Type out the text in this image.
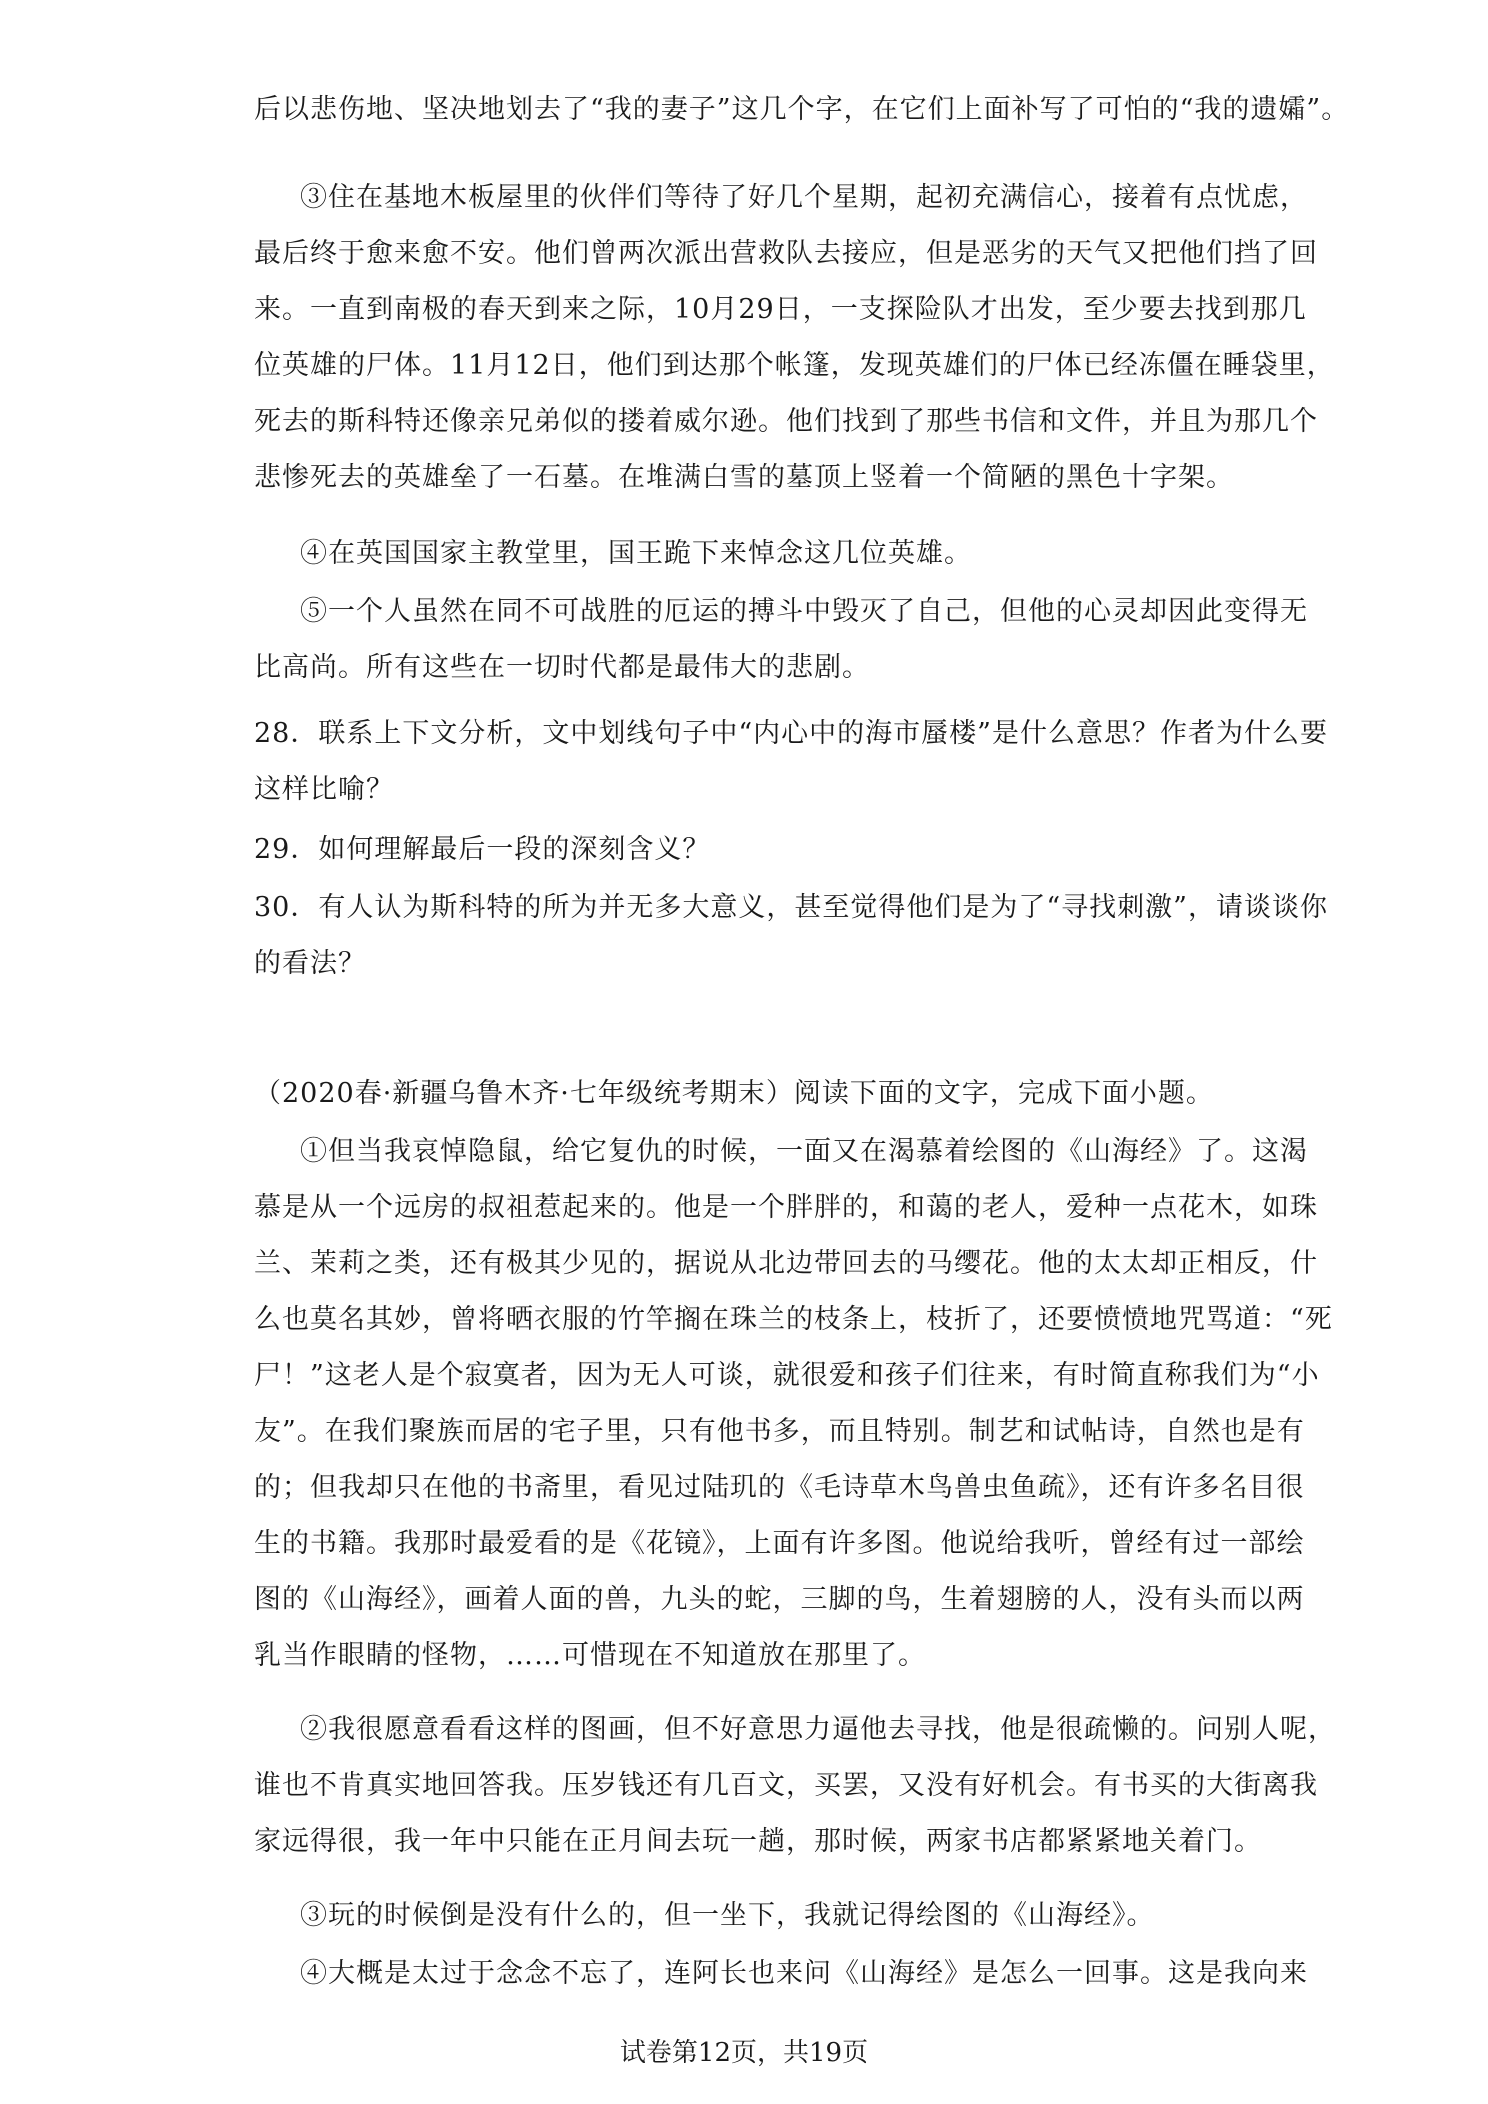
后以悲伤地、坚决地划去了“我的妻子”这几个字，在它们上面补写了可怕的“我的遗孀”。
③住在基地木板屋里的伙伴们等待了好几个星期，起初充满信心，接着有点忧虑，
最后终于愈来愈不安。他们曾两次派出营救队去接应，但是恶劣的天气又把他们挡了回
来。一直到南极的春天到来之际，10月29日，一支探险队才出发，至少要去找到那几
位英雄的尸体。11月12日，他们到达那个帐篷，发现英雄们的尸体已经冻僵在睡袋里，
死去的斯科特还像亲兄弟似的搂着威尔逊。他们找到了那些书信和文件，并且为那几个
悲惨死去的英雄垒了一石墓。在堆满白雪的墓顶上竖着一个简陋的黑色十字架。
④在英国国家主教堂里，国王跪下来悼念这几位英雄。
⑤一个人虽然在同不可战胜的厄运的搏斗中毁灭了自己，但他的心灵却因此变得无
比高尚。所有这些在一切时代都是最伟大的悲剧。
28．联系上下文分析，文中划线句子中“内心中的海市蜃楼”是什么意思？作者为什么要
这样比喻？
29．如何理解最后一段的深刻含义？
30．有人认为斯科特的所为并无多大意义，甚至觉得他们是为了“寻找刺激”，请谈谈你
的看法？
（2020春·新疆乌鲁木齐·七年级统考期末）阅读下面的文字，完成下面小题。
①但当我哀悼隐鼠，给它复仇的时候，一面又在渴慕着绘图的《山海经》了。这渴
慕是从一个远房的叔祖惹起来的。他是一个胖胖的，和蔼的老人，爱种一点花木，如珠
兰、茉莉之类，还有极其少见的，据说从北边带回去的马缨花。他的太太却正相反，什
么也莫名其妙，曾将晒衣服的竹竿搁在珠兰的枝条上，枝折了，还要愤愤地咒骂道：“死
尸！”这老人是个寂寞者，因为无人可谈，就很爱和孩子们往来，有时简直称我们为“小
友”。在我们聚族而居的宅子里，只有他书多，而且特别。制艺和试帖诗，自然也是有
的；但我却只在他的书斋里，看见过陆玑的《毛诗草木鸟兽虫鱼疏》，还有许多名目很
生的书籍。我那时最爱看的是《花镜》，上面有许多图。他说给我听，曾经有过一部绘
图的《山海经》，画着人面的兽，九头的蛇，三脚的鸟，生着翅膀的人，没有头而以两
乳当作眼睛的怪物，……可惜现在不知道放在那里了。
②我很愿意看看这样的图画，但不好意思力逼他去寻找，他是很疏懒的。问别人呢，
谁也不肯真实地回答我。压岁钱还有几百文，买罢，又没有好机会。有书买的大街离我
家远得很，我一年中只能在正月间去玩一趟，那时候，两家书店都紧紧地关着门。
③玩的时候倒是没有什么的，但一坐下，我就记得绘图的《山海经》。
④大概是太过于念念不忘了，连阿长也来问《山海经》是怎么一回事。这是我向来
试卷第12页，共19页
